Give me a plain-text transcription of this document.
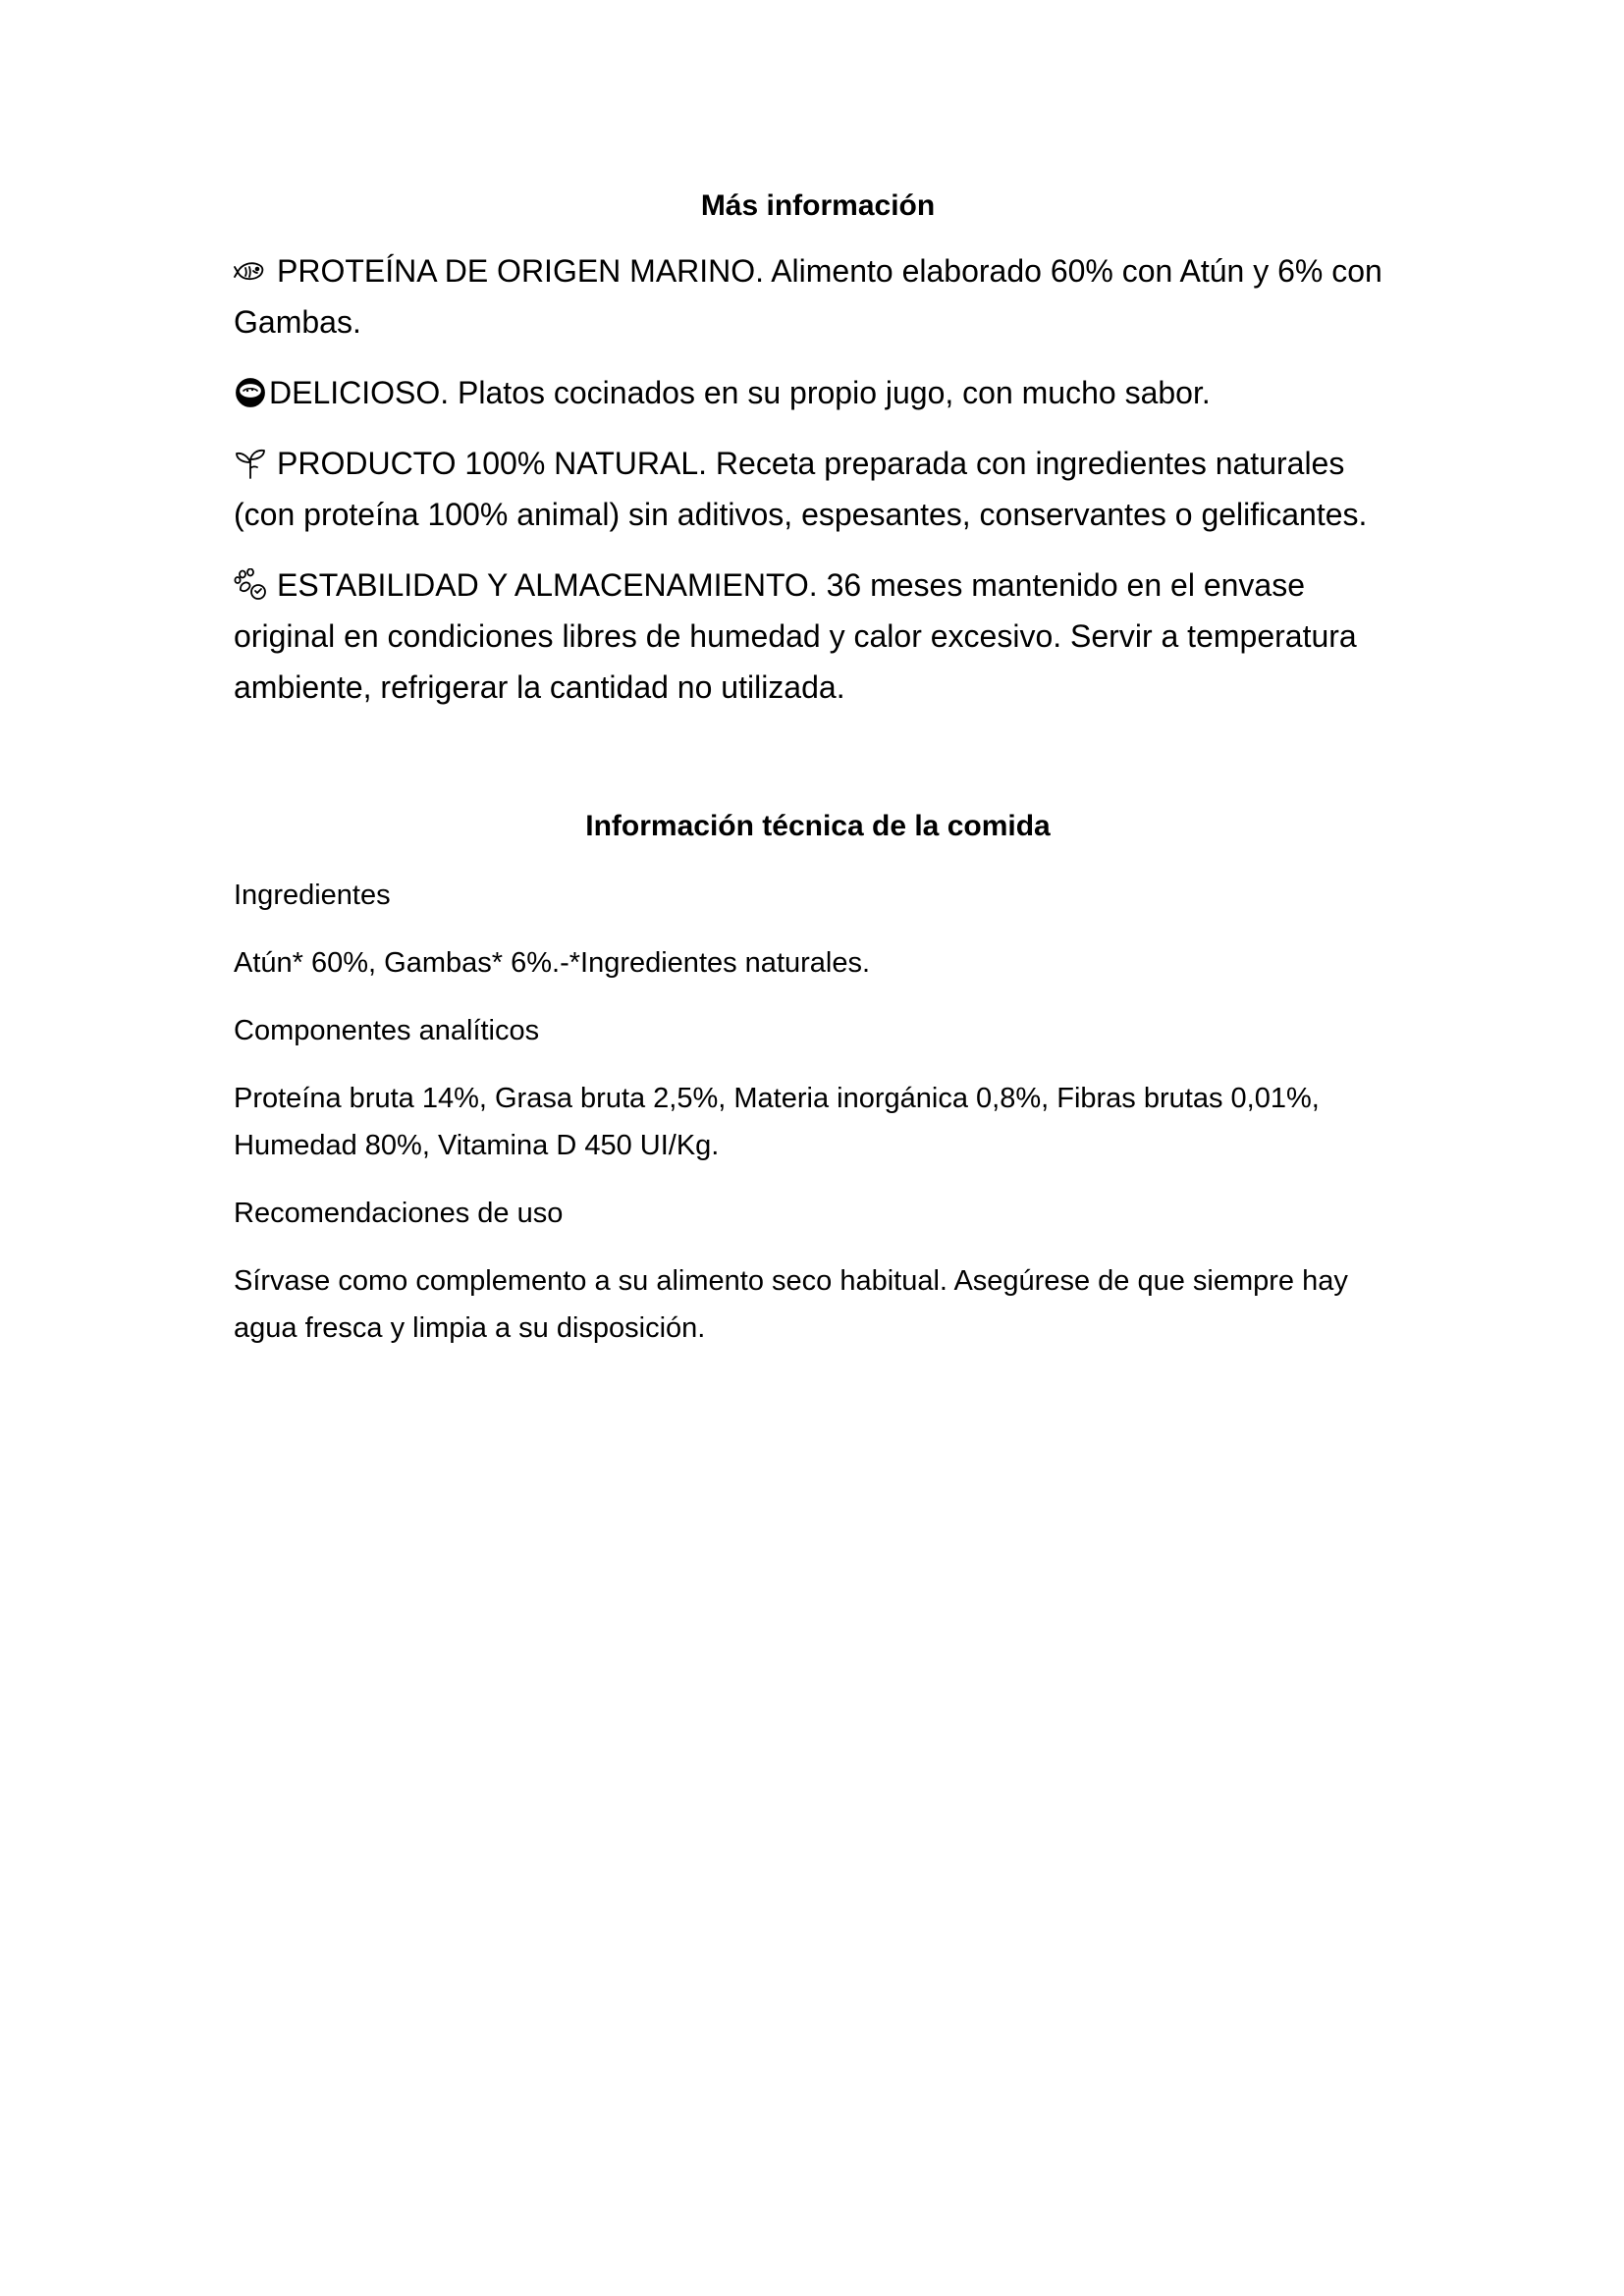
Más información

PROTEÍNA DE ORIGEN MARINO. Alimento elaborado 60% con Atún y 6% con Gambas.

DELICIOSO. Platos cocinados en su propio jugo, con mucho sabor.

PRODUCTO 100% NATURAL. Receta preparada con ingredientes naturales (con proteína 100% animal) sin aditivos, espesantes, conservantes o gelificantes.

ESTABILIDAD Y ALMACENAMIENTO. 36 meses mantenido en el envase original en condiciones libres de humedad y calor excesivo. Servir a temperatura ambiente, refrigerar la cantidad no utilizada.

Información técnica de la comida

Ingredientes

Atún* 60%, Gambas* 6%.-*Ingredientes naturales.

Componentes analíticos

Proteína bruta 14%, Grasa bruta 2,5%, Materia inorgánica 0,8%, Fibras brutas 0,01%, Humedad 80%, Vitamina D 450 UI/Kg.

Recomendaciones de uso

Sírvase como complemento a su alimento seco habitual. Asegúrese de que siempre hay agua fresca y limpia a su disposición.
